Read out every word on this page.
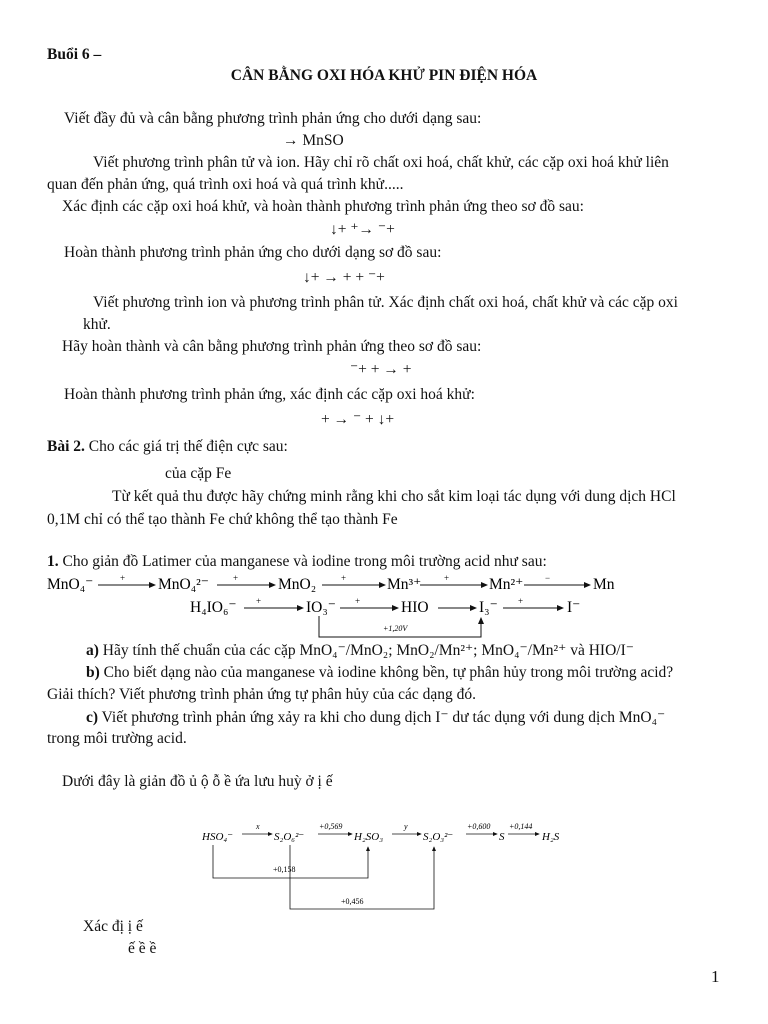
Buổi 6 –
CÂN BẰNG OXI HÓA KHỬ PIN ĐIỆN HÓA
Viết đầy đủ và cân bằng phương trình phản ứng cho dưới dạng sau:
→ MnSO
Viết phương trình phân tử và ion. Hãy chỉ rõ chất oxi hoá, chất khử, các cặp oxi hoá khử liên
quan đến phản ứng, quá trình oxi hoá và quá trình khử.....
Xác định các cặp oxi hoá khử, và hoàn thành phương trình phản ứng theo sơ đồ sau:
↓+ ⁺→ ⁻+
Hoàn thành phương trình phản ứng cho dưới dạng sơ đồ sau:
↓+ → + + ⁻+
Viết phương trình ion và phương trình phân tử. Xác định chất oxi hoá, chất khử và các cặp oxi
khử.
Hãy hoàn thành và cân bằng phương trình phản ứng theo sơ đồ sau:
⁻+ + → +
Hoàn thành phương trình phản ứng, xác định các cặp oxi hoá khử:
+ → ⁻ + ↓+
Bài 2. Cho các giá trị thế điện cực sau:
của cặp Fe
Từ kết quả thu được hãy chứng minh rằng khi cho sắt kim loại tác dụng với dung dịch HCl
0,1M chỉ có thể tạo thành Fe chứ không thể tạo thành Fe
1. Cho giản đồ Latimer của manganese và iodine trong môi trường acid như sau:
MnO₄⁻	+ MnO₄²⁻	+	MnO₂	+	Mn³⁺	+	Mn²⁺ −	Mn
H₄IO₆⁻ +	IO₃⁻ +	HIO	I₃⁻ +	I⁻
+1,20V
a) Hãy tính thế chuẩn của các cặp MnO₄⁻/MnO₂; MnO₂/Mn²⁺; MnO₄⁻/Mn²⁺ và HIO/I⁻
b) Cho biết dạng nào của manganese và iodine không bền, tự phân hủy trong môi trường acid?
Giải thích? Viết phương trình phản ứng tự phân hủy của các dạng đó.
c) Viết phương trình phản ứng xảy ra khi cho dung dịch I⁻ dư tác dụng với dung dịch MnO₄⁻
trong môi trường acid.
Dưới đây là giản đồ ủ ộ ỗ ề ứa lưu huỳ ở ị ế
HSO₄⁻
x
S₂O₆²⁻
+0,569
H₂SO₃
y
S₂O₃²⁻
+0,600
S
+0,144
H₂S
+0,158
+0,456
Xác đị ị ế
ế ề ề
1
